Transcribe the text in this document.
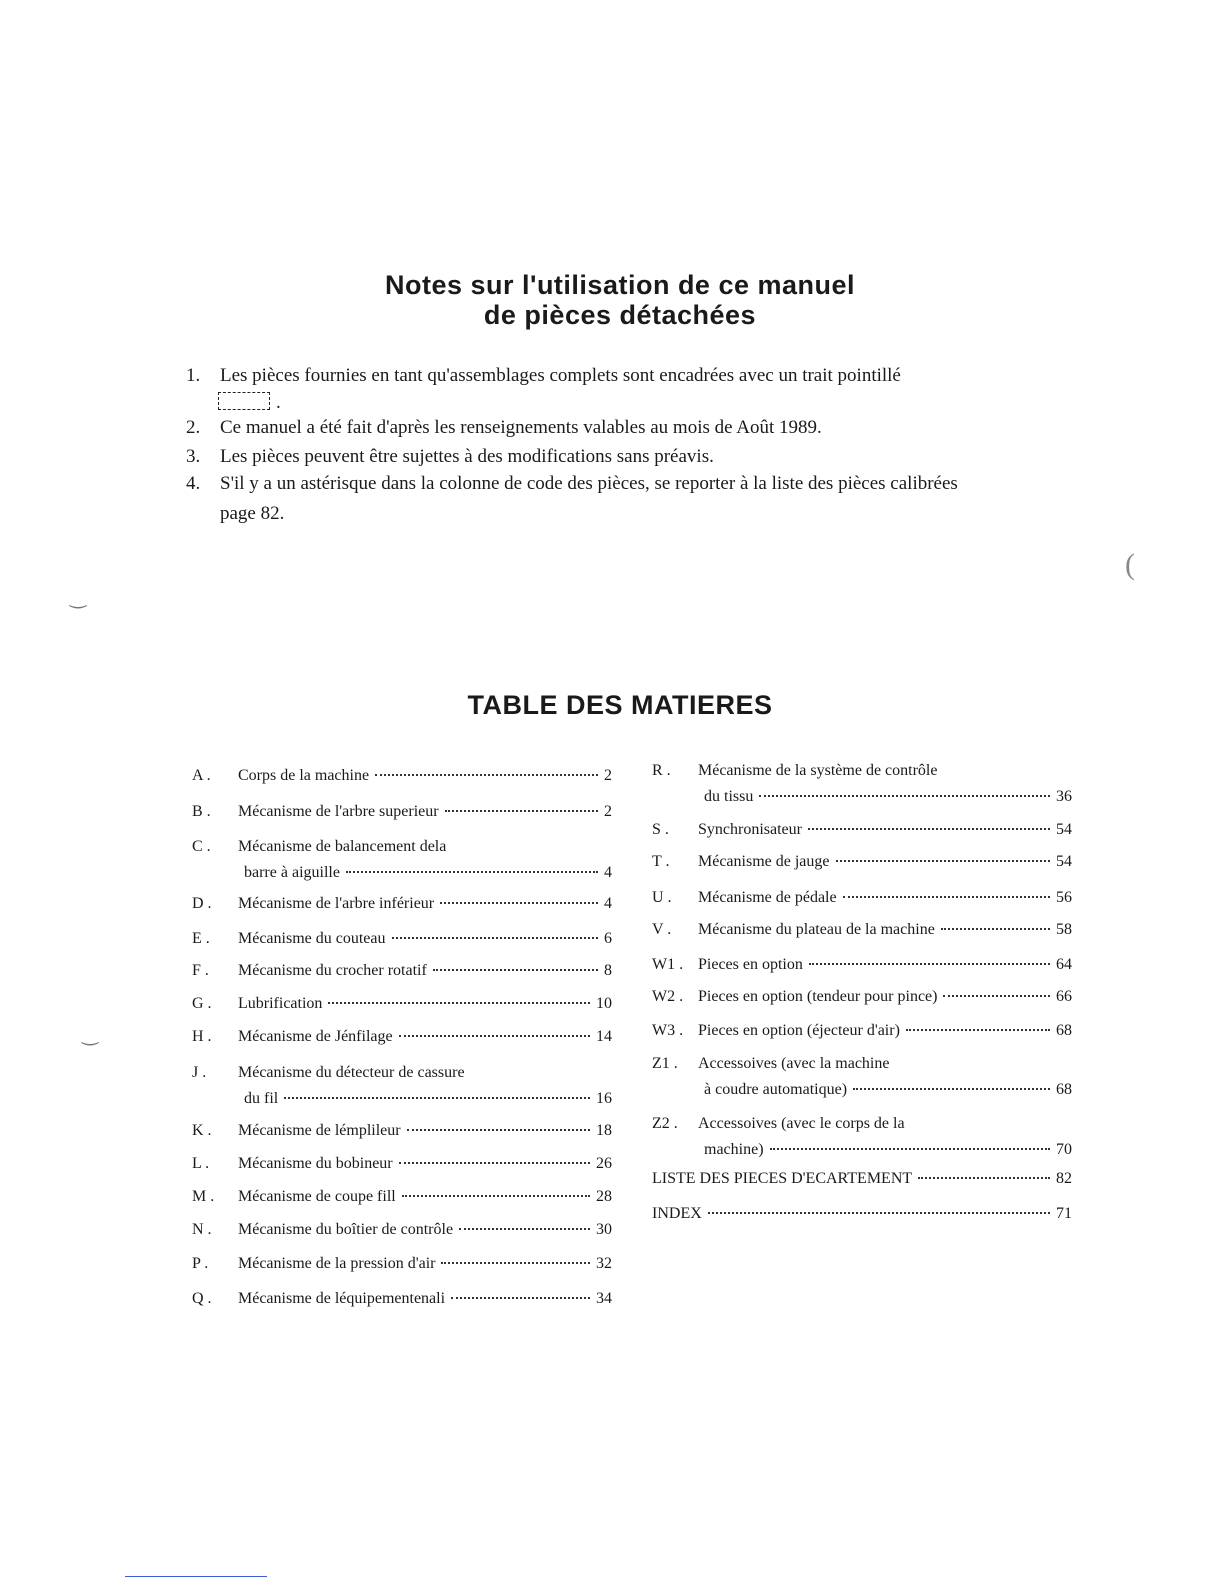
Notes sur l'utilisation de ce manuel
de pièces détachées
1.	Les pièces fournies en tant qu'assemblages complets sont encadrées avec un trait pointillé
.
2.	Ce manuel a été fait d'après les renseignements valables au mois de Août 1989.
3.	Les pièces peuvent être sujettes à des modifications sans préavis.
4.	S'il y a un astérisque dans la colonne de code des pièces, se reporter à la liste des pièces calibrées
page 82.
TABLE DES MATIERES
A .	Corps de la machine	2
B .	Mécanisme de l'arbre superieur	2
C .	Mécanisme de balancement dela
barre à aiguille	4
D .	Mécanisme de l'arbre inférieur	4
E .	Mécanisme du couteau	6
F .	Mécanisme du crocher rotatif	8
G .	Lubrification	10
H .	Mécanisme de Jénfilage	14
J .	Mécanisme du détecteur de cassure
du fil	16
K .	Mécanisme de lémplileur	18
L .	Mécanisme du bobineur	26
M .	Mécanisme de coupe fill	28
N .	Mécanisme du boîtier de contrôle	30
P .	Mécanisme de la pression d'air	32
Q .	Mécanisme de léquipementenali	34
R .	Mécanisme de la système de contrôle
du tissu	36
S .	Synchronisateur	54
T .	Mécanisme de jauge	54
U .	Mécanisme de pédale	56
V .	Mécanisme du plateau de la machine	58
W1 . Pieces en option	64
W2 . Pieces en option (tendeur pour pince)	66
W3 . Pieces en option (éjecteur d'air)	68
Z1 .	Accessoives (avec la machine
à coudre automatique)	68
Z2 .	Accessoives (avec le corps de la
machine)	70
LISTE DES PIECES D'ECARTEMENT	82
INDEX	71
(
‿
‿
